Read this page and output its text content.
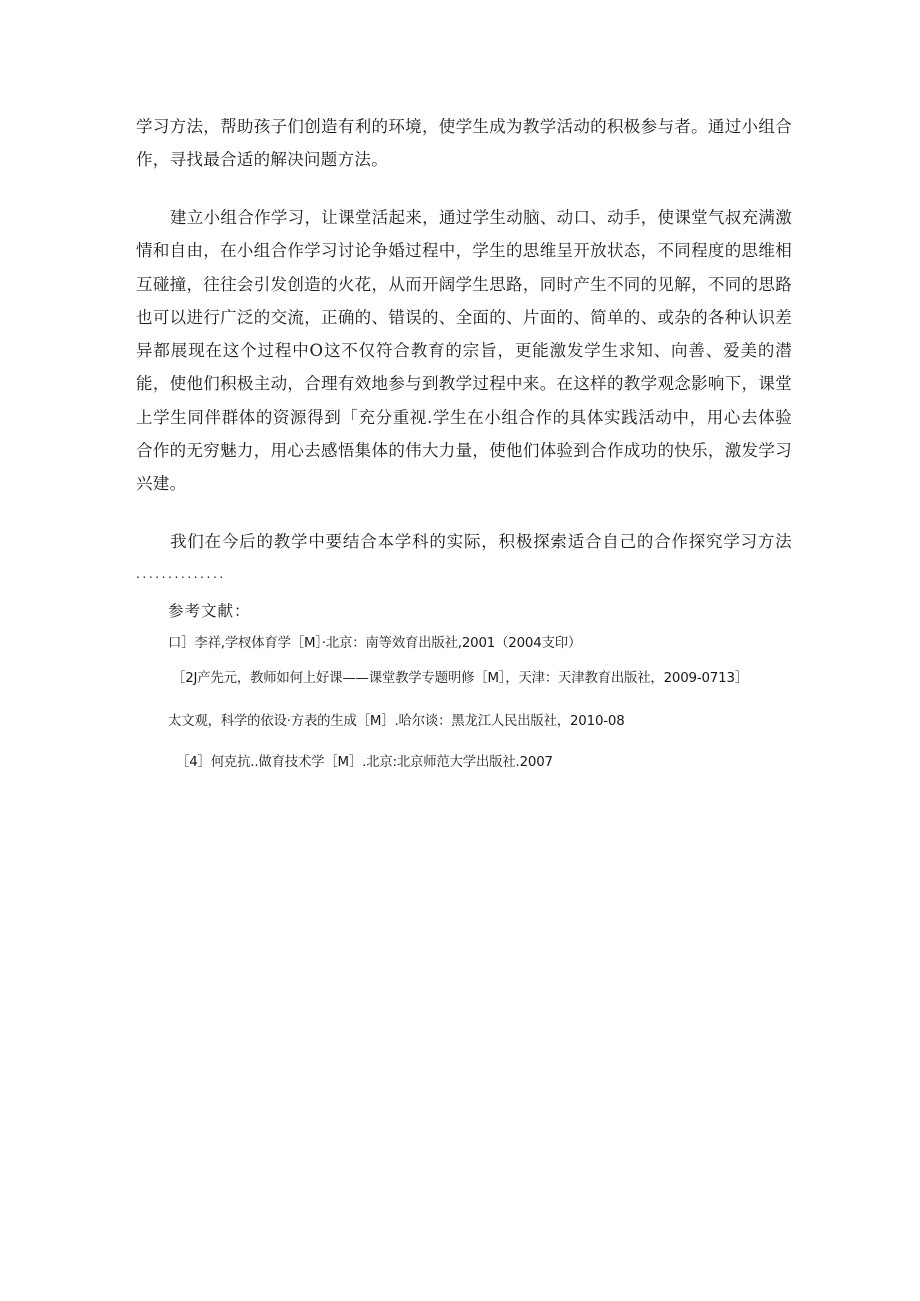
学习方法，帮助孩子们创造有利的环境，使学生成为教学活动的积极参与者。通过小组合
作，寻找最合适的解决问题方法。
建立小组合作学习，让课堂活起来，通过学生动脑、动口、动手，使课堂气叔充满激
情和自由，在小组合作学习讨论争婚过程中，学生的思维呈开放状态，不同程度的思维相
互碰撞，往往会引发创造的火花，从而开阔学生思路，同时产生不同的见解，不同的思路
也可以进行广泛的交流，正确的、错误的、全面的、片面的、简单的、或杂的各种认识差
异都展现在这个过程中O这不仅符合教育的宗旨，更能激发学生求知、向善、爱美的潜
能，使他们积极主动，合理有效地参与到教学过程中来。在这样的教学观念影响下，课堂
上学生同伴群体的资源得到「充分重视.学生在小组合作的具体实践活动中，用心去体验
合作的无穷魅力，用心去感悟集体的伟大力量，使他们体验到合作成功的快乐，激发学习
兴建。
我们在今后的教学中要结合本学科的实际，积极探索适合自己的合作探究学习方法
..............

参考文献：

口］李祥,学杈体育学［M］·北京：南等效育出版社,2001（2004支印）

［2J产先元，教师如何上好课——课堂教学专题明修［M］，天津：天津教育出版社，2009-0713］

太文观，科学的依设·方表的生成［M］.哈尔谈：黑龙江人民出版社，2010-08

［4］何克抗..做育技术学［M］.北京:北京师范大学出版社.2007
